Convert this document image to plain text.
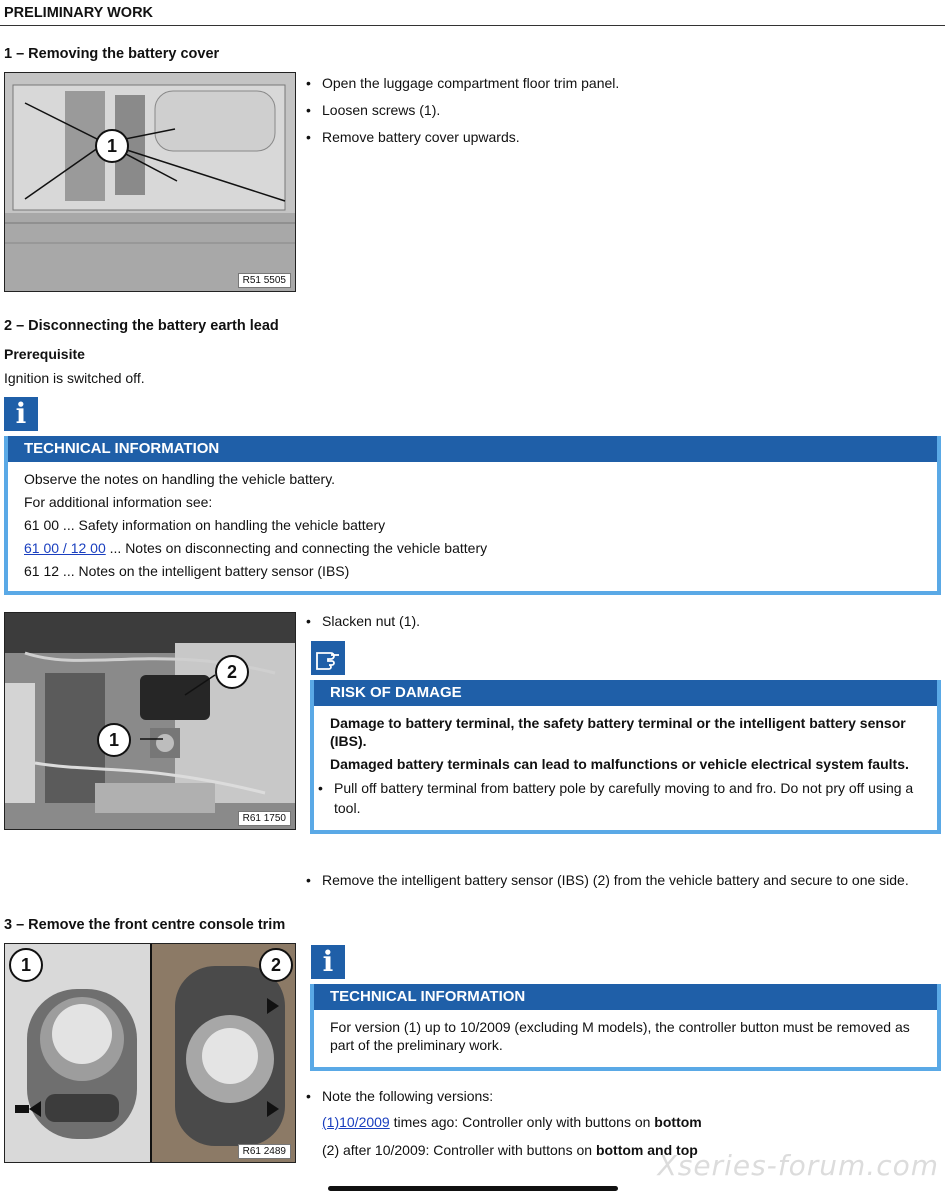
PRELIMINARY WORK
1 – Removing the battery cover
1
R51 5505
• Open the luggage compartment floor trim panel.
• Loosen screws (1).
• Remove battery cover upwards.
2 – Disconnecting the battery earth lead
Prerequisite
Ignition is switched off.
i
TECHNICAL INFORMATION

Observe the notes on handling the vehicle battery.

For additional information see:

61 00 ... Safety information on handling the vehicle battery

61 00 / 12 00 ... Notes on disconnecting and connecting the vehicle battery

61 12 ... Notes on the intelligent battery sensor (IBS)

1
2
R61 1750
• Slacken nut (1).
RISK OF DAMAGE

Damage to battery terminal, the safety battery terminal or the intelligent battery sensor (IBS).

Damaged battery terminals can lead to malfunctions or vehicle electrical system faults.

• Pull off battery terminal from battery pole by carefully moving to and fro. Do not pry off using a tool.
• Remove the intelligent battery sensor (IBS) (2) from the vehicle battery and secure to one side.
3 – Remove the front centre console trim
1	2
R61 2489
i
TECHNICAL INFORMATION

For version (1) up to 10/2009 (excluding M models), the controller button must be removed as part of the preliminary work.

• Note the following versions:
(1)10/2009 times ago: Controller only with buttons on bottom
(2) after 10/2009: Controller with buttons on bottom and top
Xseries-forum.com
